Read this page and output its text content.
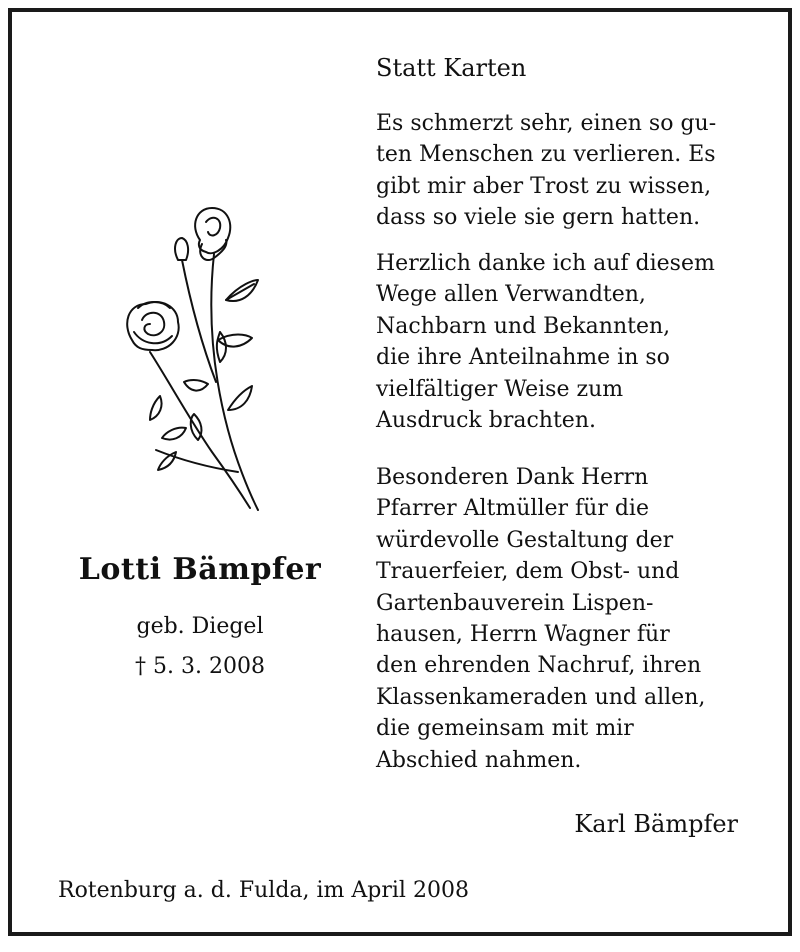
Lotti Bämpfer
geb. Diegel
† 5. 3. 2008
Statt Karten

Es schmerzt sehr, einen so gu-
ten Menschen zu verlieren. Es
gibt mir aber Trost zu wissen,
dass so viele sie gern hatten.

Herzlich danke ich auf diesem
Wege allen Verwandten,
Nachbarn und Bekannten,
die ihre Anteilnahme in so
vielfältiger Weise zum
Ausdruck brachten.

Besonderen Dank Herrn
Pfarrer Altmüller für die
würdevolle Gestaltung der
Trauerfeier, dem Obst- und
Gartenbauverein Lispen-
hausen, Herrn Wagner für
den ehrenden Nachruf, ihren
Klassenkameraden und allen,
die gemeinsam mit mir
Abschied nahmen.

Karl Bämpfer
Rotenburg a. d. Fulda, im April 2008
